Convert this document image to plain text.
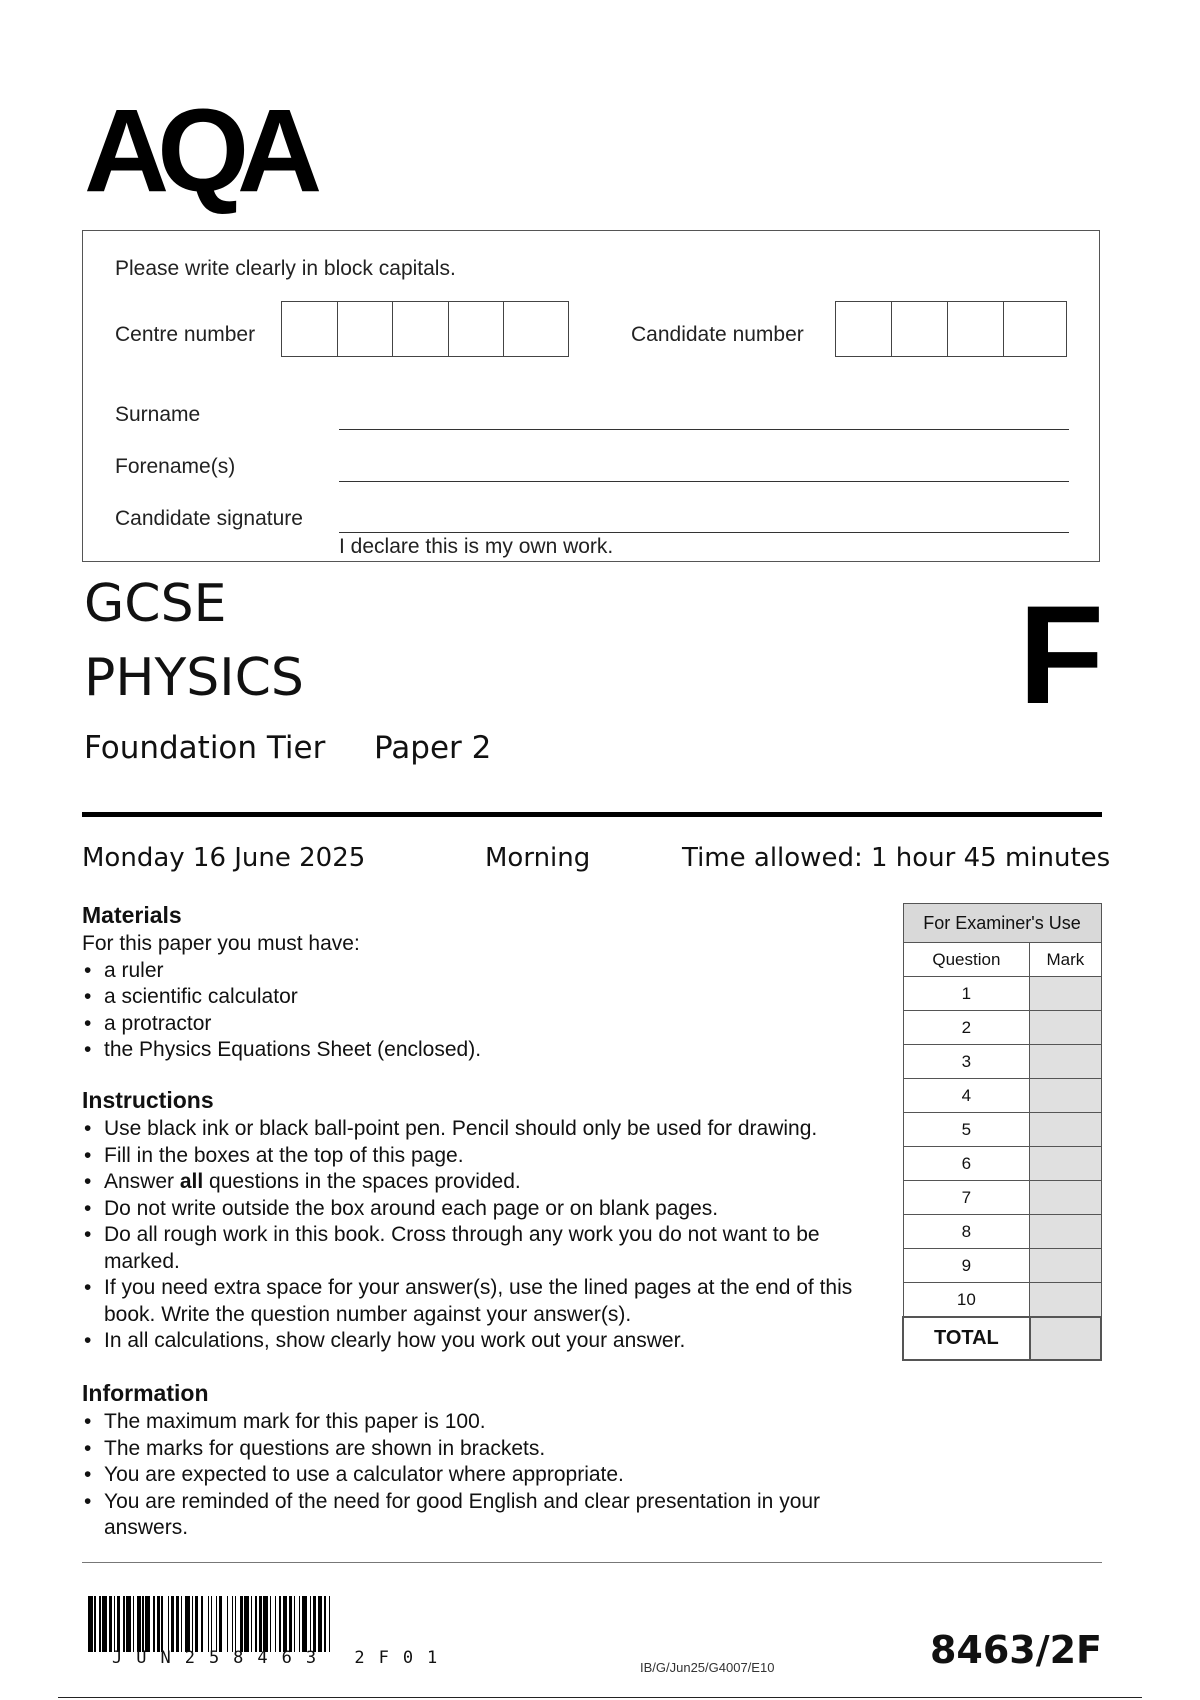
AQA
Please write clearly in block capitals.
Centre number	Candidate number
Surname
Forename(s)
Candidate signature
I declare this is my own work.
GCSE
PHYSICS
Foundation Tier Paper 2
F
Monday 16 June 2025	Morning	Time allowed: 1 hour 45 minutes
Materials

For this paper you must have:

• a ruler
• a scientific calculator
• a protractor
• the Physics Equations Sheet (enclosed).
Instructions
• Use black ink or black ball-point pen. Pencil should only be used for drawing.
• Fill in the boxes at the top of this page.
• Answer all questions in the spaces provided.
• Do not write outside the box around each page or on blank pages.
• Do all rough work in this book. Cross through any work you do not want to be marked.
• If you need extra space for your answer(s), use the lined pages at the end of this book. Write the question number against your answer(s).
• In all calculations, show clearly how you work out your answer.
Information
• The maximum mark for this paper is 100.
• The marks for questions are shown in brackets.
• You are expected to use a calculator where appropriate.
• You are reminded of the need for good English and clear presentation in your answers.
For Examiner's Use	
Question	Mark
1	
2	
3	
4	
5	
6	
7	
8	
9	
10	
TOTAL	
JUN258463 2F01	IB/G/Jun25/G4007/E10	8463/2F
